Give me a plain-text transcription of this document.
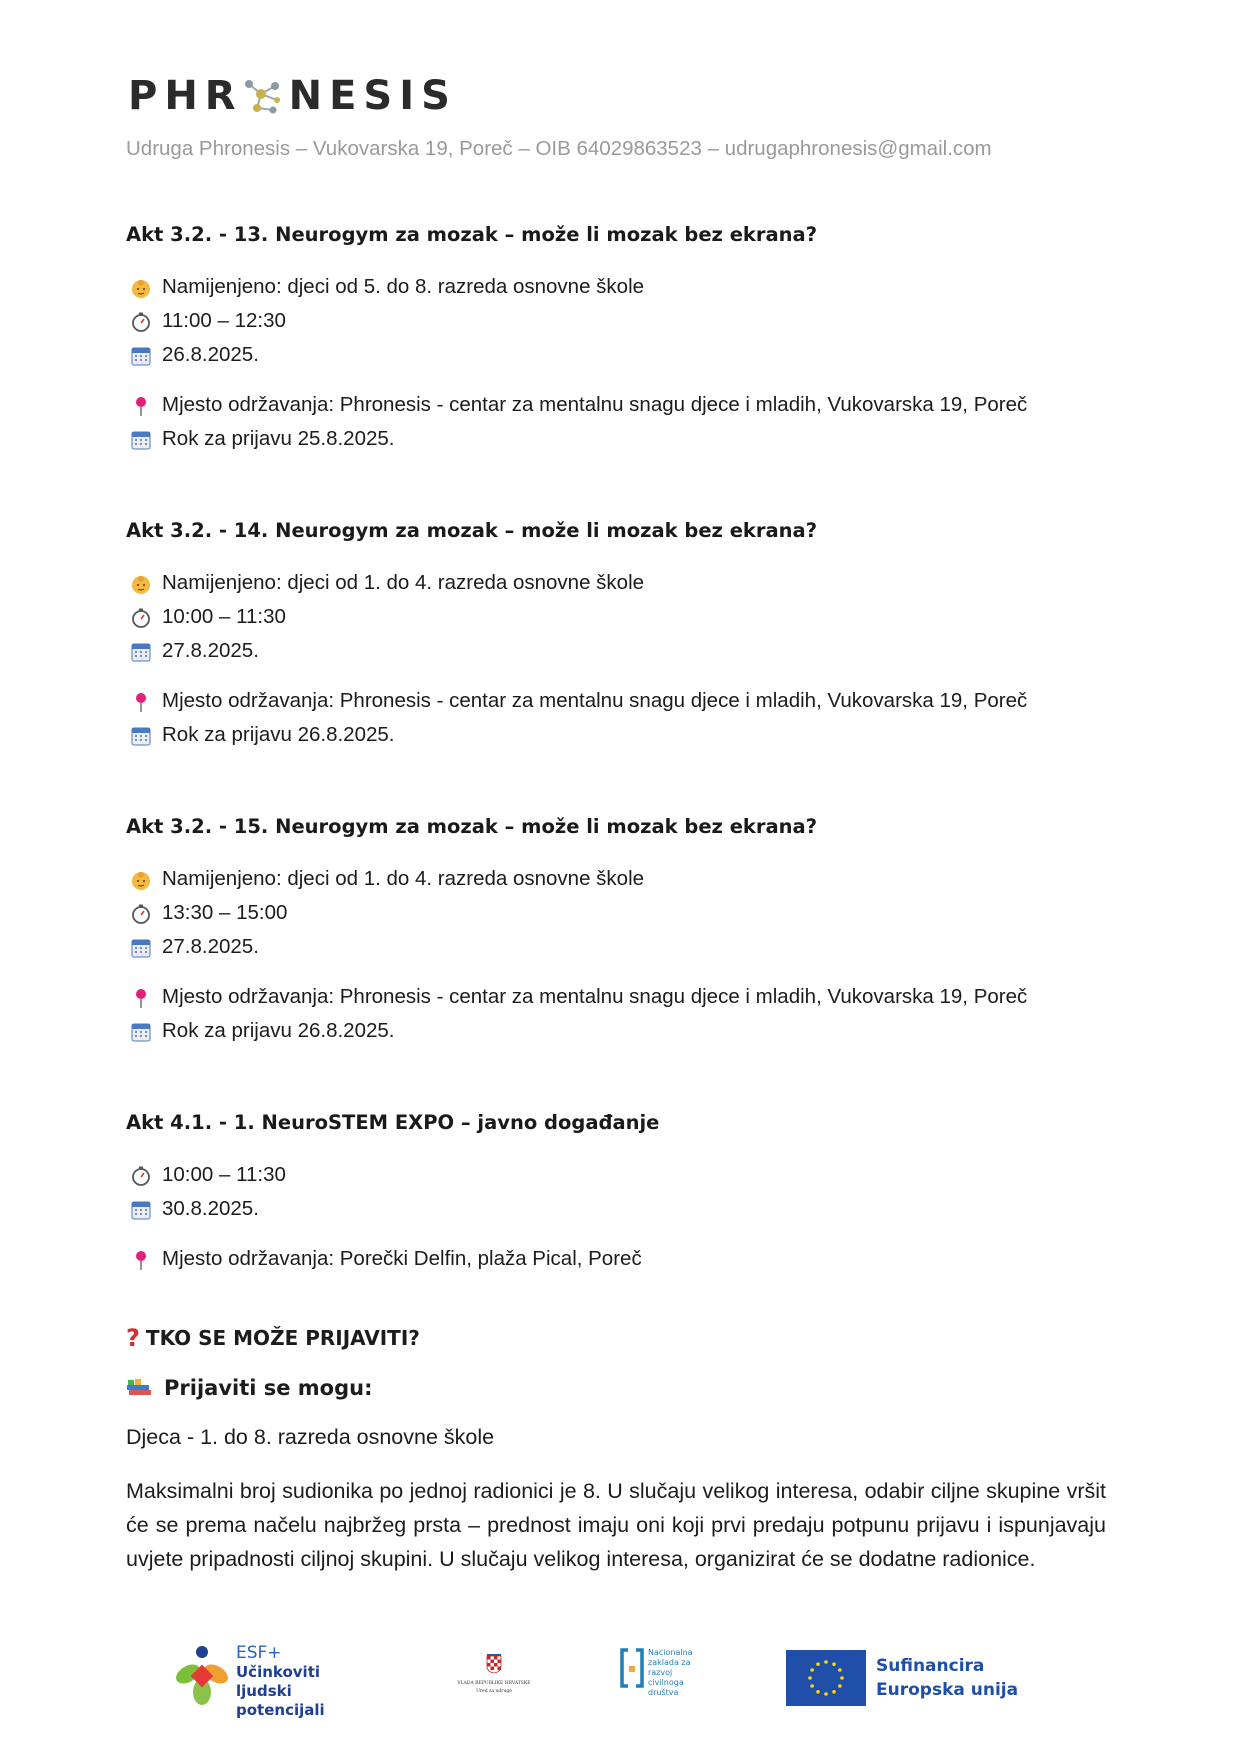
PHR NESIS
Udruga Phronesis – Vukovarska 19, Poreč – OIB 64029863523 – udrugaphronesis@gmail.com
Akt 3.2. - 13. Neurogym za mozak – može li mozak bez ekrana?
Namijenjeno: djeci od 5. do 8. razreda osnovne škole
11:00 – 12:30
26.8.2025.
Mjesto održavanja: Phronesis - centar za mentalnu snagu djece i mladih, Vukovarska 19, Poreč
Rok za prijavu 25.8.2025.
Akt 3.2. - 14. Neurogym za mozak – može li mozak bez ekrana?
Namijenjeno: djeci od 1. do 4. razreda osnovne škole
10:00 – 11:30
27.8.2025.
Mjesto održavanja: Phronesis - centar za mentalnu snagu djece i mladih, Vukovarska 19, Poreč
Rok za prijavu 26.8.2025.
Akt 3.2. - 15. Neurogym za mozak – može li mozak bez ekrana?
Namijenjeno: djeci od 1. do 4. razreda osnovne škole
13:30 – 15:00
27.8.2025.
Mjesto održavanja: Phronesis - centar za mentalnu snagu djece i mladih, Vukovarska 19, Poreč
Rok za prijavu 26.8.2025.
Akt 4.1. - 1. NeuroSTEM EXPO – javno događanje
10:00 – 11:30
30.8.2025.
Mjesto održavanja: Porečki Delfin, plaža Pical, Poreč
? TKO SE MOŽE PRIJAVITI?
Prijaviti se mogu:
Djeca - 1. do 8. razreda osnovne škole
Maksimalni broj sudionika po jednoj radionici je 8. U slučaju velikog interesa, odabir ciljne skupine vršit će se prema načelu najbržeg prsta – prednost imaju oni koji prvi predaju potpunu prijavu i ispunjavaju uvjete pripadnosti ciljnoj skupini. U slučaju velikog interesa, organizirat će se dodatne radionice.
ESF+
Učinkoviti ljudski
potencijali
VLADA REPUBLIKE HRVATSKE
Ured za udruge
Nacionalna
zaklada za
razvoj
civilnoga
društva
Sufinancira
Europska unija
